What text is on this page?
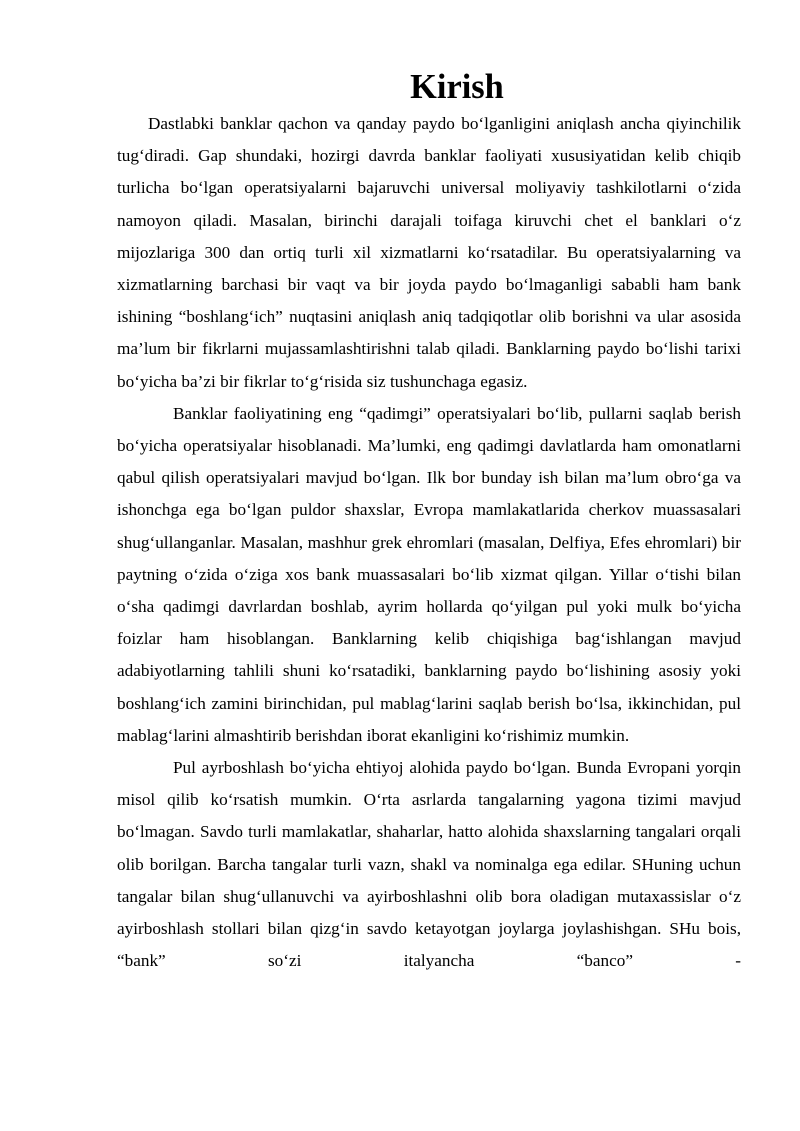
Kirish

Dastlabki banklar qachon va qanday paydo bo‘lganligini aniqlash ancha qiyinchilik tug‘diradi. Gap shundaki, hozirgi davrda banklar faoliyati xususiyatidan kelib chiqib turlicha bo‘lgan operatsiyalarni bajaruvchi universal moliyaviy tashkilotlarni o‘zida namoyon qiladi. Masalan, birinchi darajali toifaga kiruvchi chet el banklari o‘z mijozlariga 300 dan ortiq turli xil xizmatlarni ko‘rsatadilar. Bu operatsiyalarning va xizmatlarning barchasi bir vaqt va bir joyda paydo bo‘lmaganligi sababli ham bank ishining “boshlang‘ich” nuqtasini aniqlash aniq tadqiqotlar olib borishni va ular asosida ma’lum bir fikrlarni mujassamlashtirishni talab qiladi. Banklarning paydo bo‘lishi tarixi bo‘yicha ba’zi bir fikrlar to‘g‘risida siz tushunchaga egasiz.

Banklar faoliyatining eng “qadimgi” operatsiyalari bo‘lib, pullarni saqlab berish bo‘yicha operatsiyalar hisoblanadi. Ma’lumki, eng qadimgi davlatlarda ham omonatlarni qabul qilish operatsiyalari mavjud bo‘lgan. Ilk bor bunday ish bilan ma’lum obro‘ga va ishonchga ega bo‘lgan puldor shaxslar, Evropa mamlakatlarida cherkov muassasalari shug‘ullanganlar. Masalan, mashhur grek ehromlari (masalan, Delfiya, Efes ehromlari) bir paytning o‘zida o‘ziga xos bank muassasalari bo‘lib xizmat qilgan. Yillar o‘tishi bilan o‘sha qadimgi davrlardan boshlab, ayrim hollarda qo‘yilgan pul yoki mulk bo‘yicha foizlar ham hisoblangan. Banklarning kelib chiqishiga bag‘ishlangan mavjud adabiyotlarning tahlili shuni ko‘rsatadiki, banklarning paydo bo‘lishining asosiy yoki boshlang‘ich zamini birinchidan, pul mablag‘larini saqlab berish bo‘lsa, ikkinchidan, pul mablag‘larini almashtirib berishdan iborat ekanligini ko‘rishimiz mumkin.

Pul ayrboshlash bo‘yicha ehtiyoj alohida paydo bo‘lgan. Bunda Evropani yorqin misol qilib ko‘rsatish mumkin. O‘rta asrlarda tangalarning yagona tizimi mavjud bo‘lmagan. Savdo turli mamlakatlar, shaharlar, hatto alohida shaxslarning tangalari orqali olib borilgan. Barcha tangalar turli vazn, shakl va nominalga ega edilar. SHuning uchun tangalar bilan shug‘ullanuvchi va ayirboshlashni olib bora oladigan mutaxassislar o‘z ayirboshlash stollari bilan qizg‘in savdo ketayotgan joylarga joylashishgan. SHu bois, “bank” so‘zi italyancha “banco” -
